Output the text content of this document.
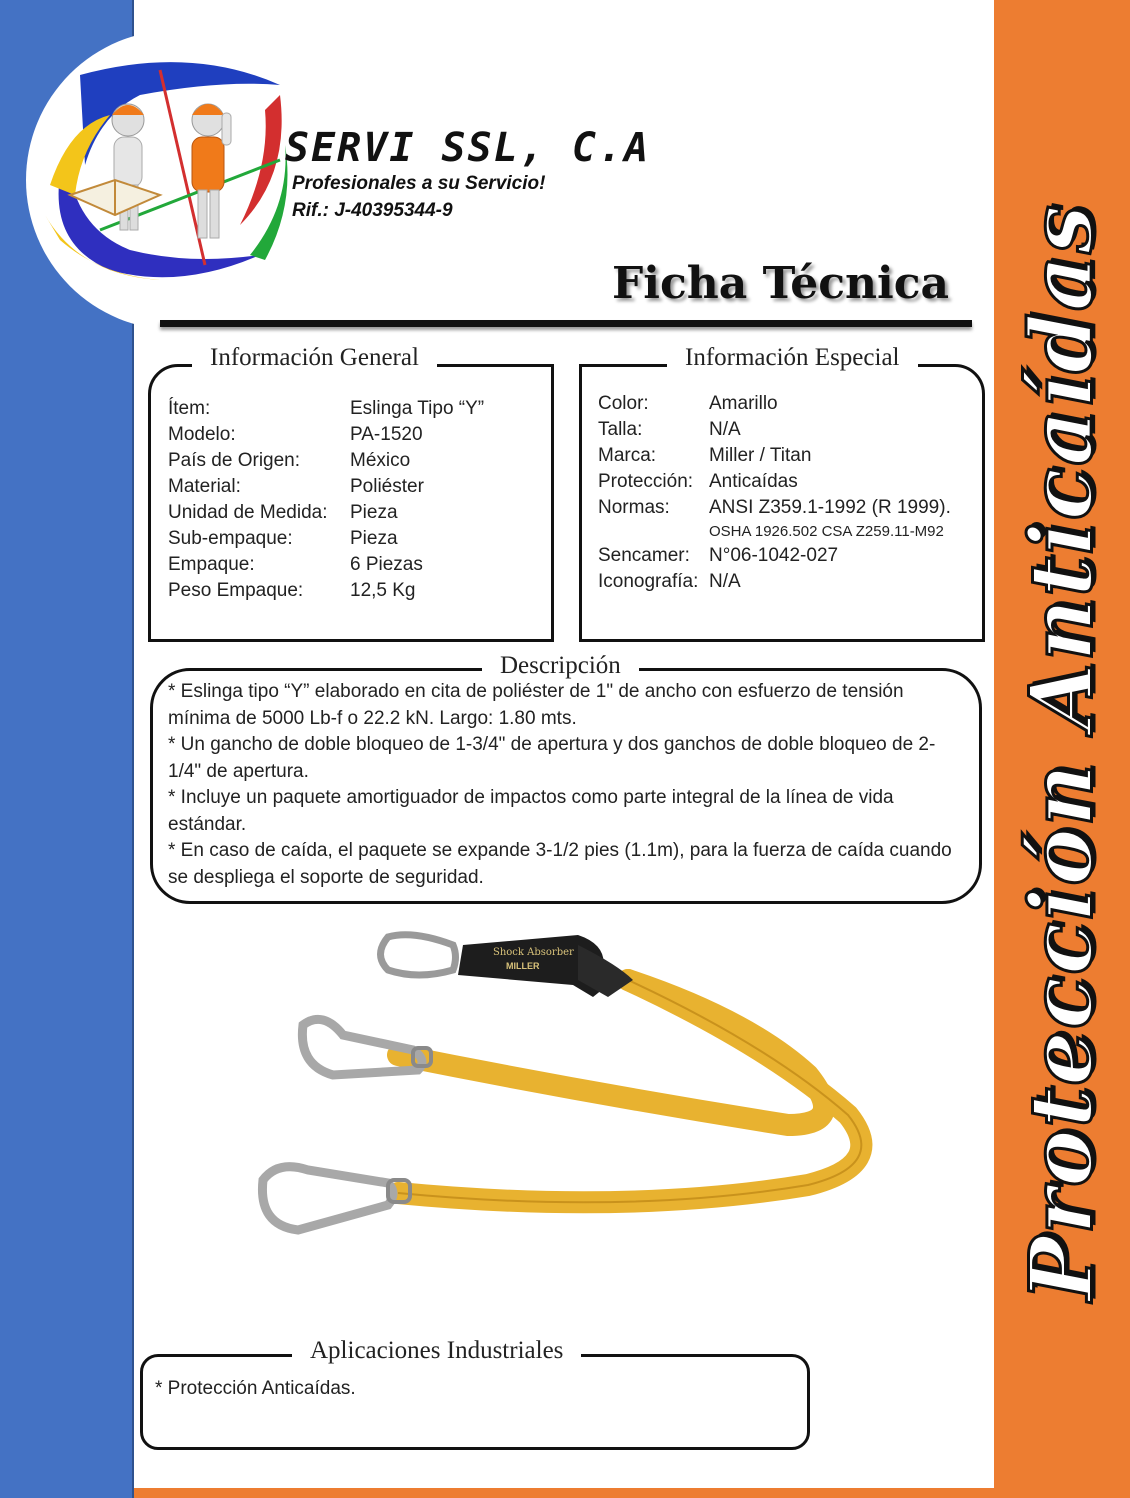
SERVI SSL, C.A
Profesionales a su Servicio!
Rif.: J-40395344-9
Ficha Técnica
Información General
Ítem:	Eslinga Tipo “Y”
Modelo:	PA-1520
País de Origen:	México
Material:	Poliéster
Unidad de Medida:	Pieza
Sub-empaque:	Pieza
Empaque:	6 Piezas
Peso Empaque:	12,5 Kg
Información Especial
Color:	Amarillo
Talla:	N/A
Marca:	Miller / Titan
Protección: Anticaídas
Normas:	ANSI Z359.1-1992 (R 1999).
OSHA 1926.502 CSA Z259.11-M92
Sencamer:	N°06-1042-027
Iconografía: N/A
Descripción

* Eslinga tipo “Y” elaborado en cita de poliéster de 1" de ancho con esfuerzo de tensión mínima de 5000 Lb-f o 22.2 kN. Largo: 1.80 mts.

* Un gancho de doble bloqueo de 1-3/4" de apertura y dos ganchos de doble bloqueo de 2-1/4" de apertura.

* Incluye un paquete amortiguador de impactos como parte integral de la línea de vida estándar.

* En caso de caída, el paquete se expande 3-1/2 pies (1.1m), para la fuerza de caída cuando se despliega el soporte de seguridad.

Shock Absorber
MILLER
Aplicaciones Industriales
* Protección Anticaídas.
Protección Anticaídas
